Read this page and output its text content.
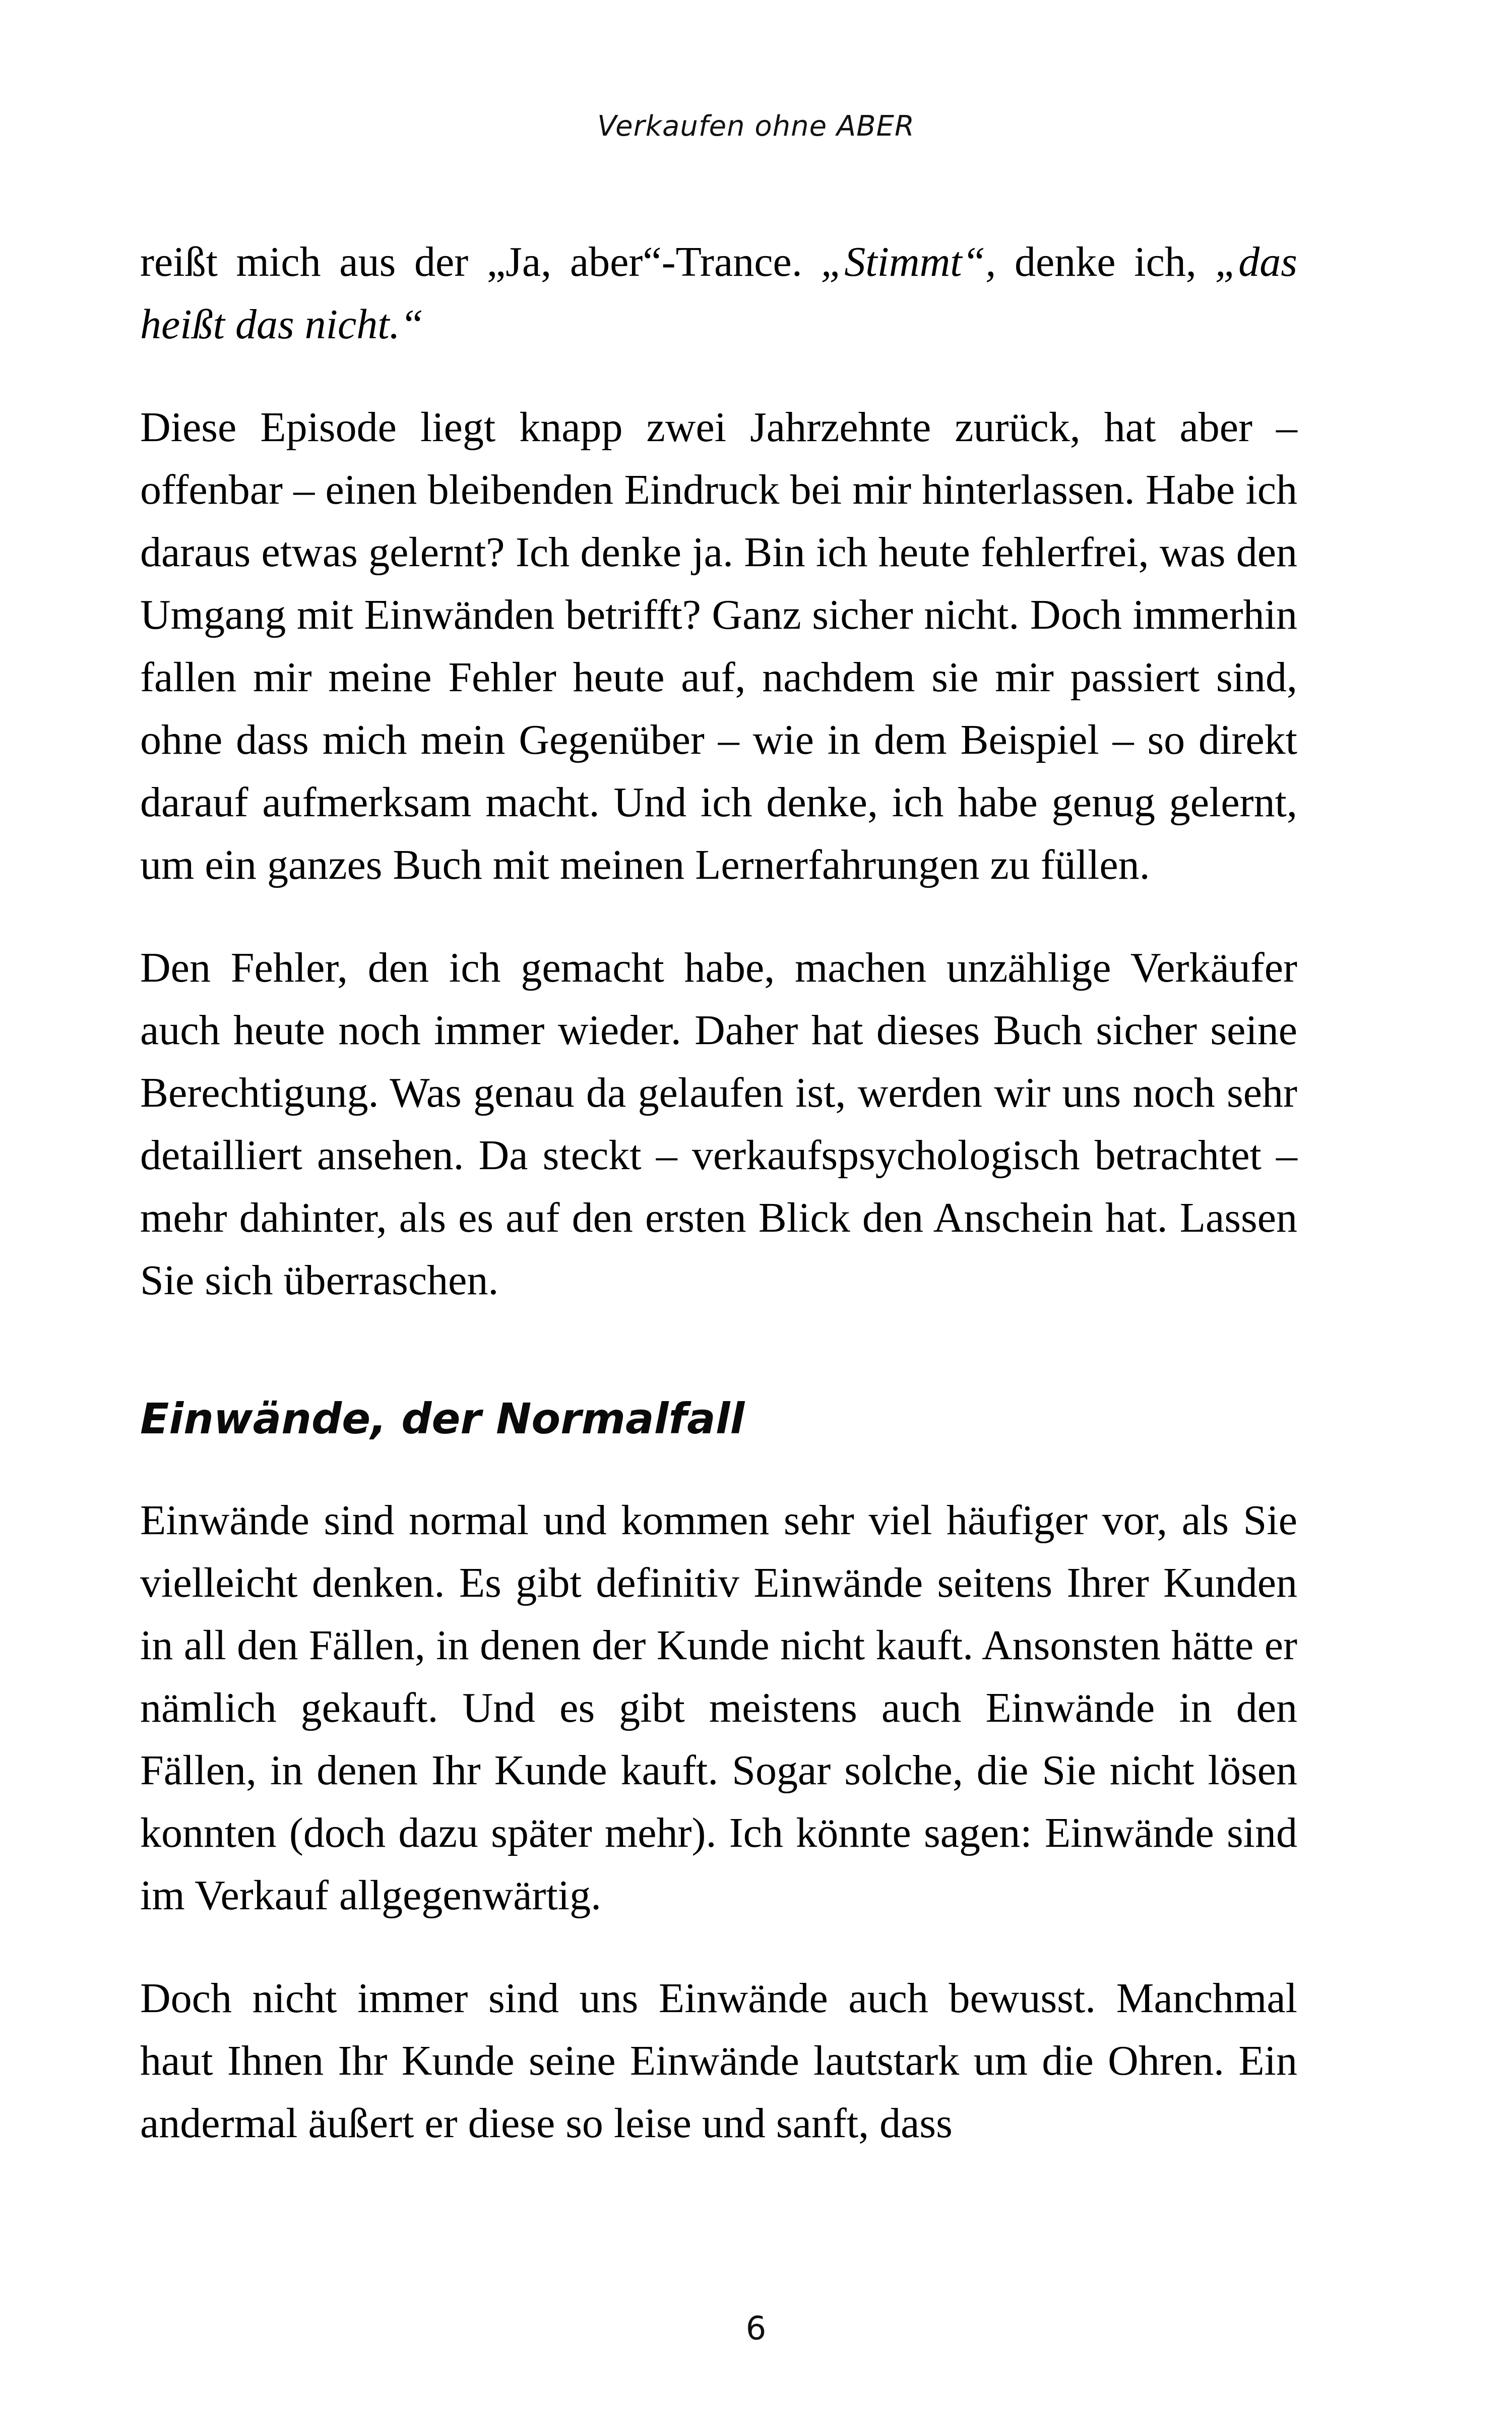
Verkaufen ohne ABER

reißt mich aus der „Ja, aber“-Trance. „Stimmt“, denke ich, „das heißt das nicht.“

Diese Episode liegt knapp zwei Jahrzehnte zurück, hat aber – offenbar – einen bleibenden Eindruck bei mir hinterlassen. Habe ich daraus etwas gelernt? Ich denke ja. Bin ich heute fehlerfrei, was den Umgang mit Einwänden betrifft? Ganz sicher nicht. Doch immerhin fallen mir meine Fehler heute auf, nachdem sie mir passiert sind, ohne dass mich mein Gegenüber – wie in dem Beispiel – so direkt darauf aufmerksam macht. Und ich denke, ich habe genug gelernt, um ein ganzes Buch mit meinen Lernerfahrungen zu füllen.

Den Fehler, den ich gemacht habe, machen unzählige Verkäufer auch heute noch immer wieder. Daher hat dieses Buch sicher seine Berechtigung. Was genau da gelaufen ist, werden wir uns noch sehr detailliert ansehen. Da steckt – verkaufspsychologisch betrachtet – mehr dahinter, als es auf den ersten Blick den Anschein hat. Lassen Sie sich überraschen.

Einwände, der Normalfall

Einwände sind normal und kommen sehr viel häufiger vor, als Sie vielleicht denken. Es gibt definitiv Einwände seitens Ihrer Kunden in all den Fällen, in denen der Kunde nicht kauft. Ansonsten hätte er nämlich gekauft. Und es gibt meistens auch Einwände in den Fällen, in denen Ihr Kunde kauft. Sogar solche, die Sie nicht lösen konnten (doch dazu später mehr). Ich könnte sagen: Einwände sind im Verkauf allgegenwärtig.

Doch nicht immer sind uns Einwände auch bewusst. Manchmal haut Ihnen Ihr Kunde seine Einwände lautstark um die Ohren. Ein andermal äußert er diese so leise und sanft, dass

6
